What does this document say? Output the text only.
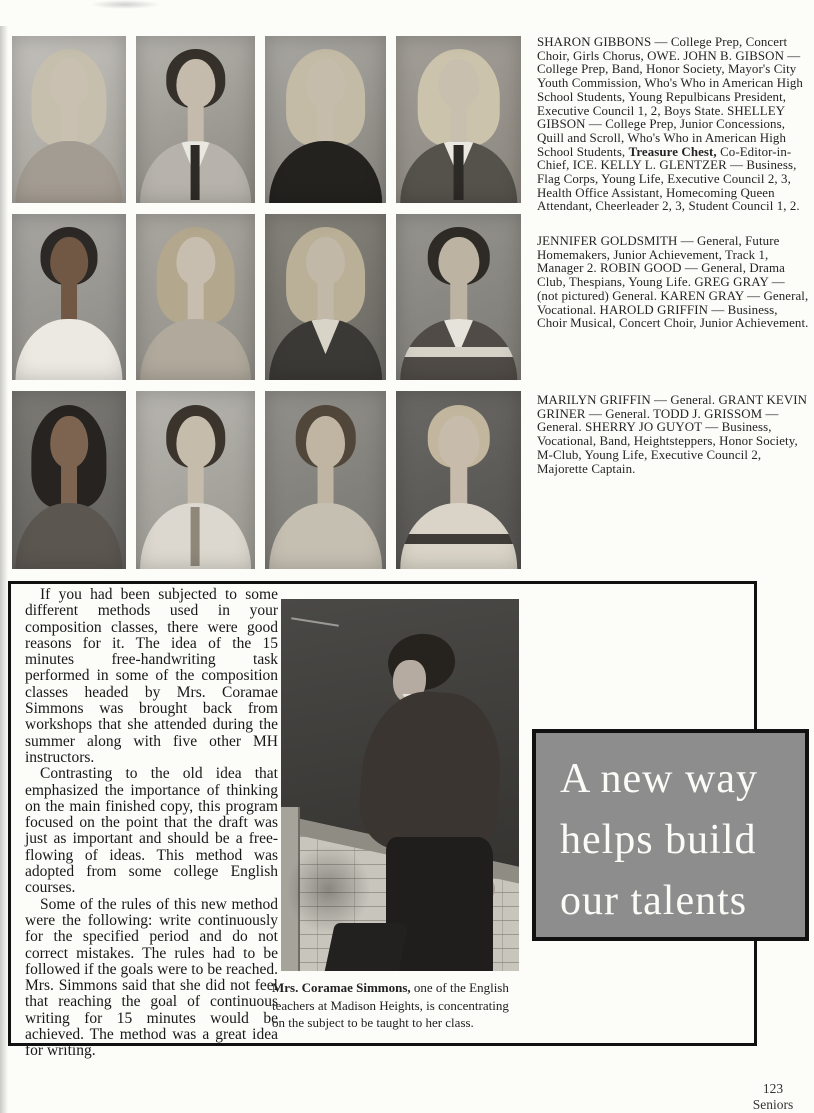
SHARON GIBBONS — College Prep, Concert Choir, Girls Chorus, OWE. JOHN B. GIBSON — College Prep, Band, Honor Society, Mayor's City Youth Commission, Who's Who in American High School Students, Young Repulbicans President, Executive Council 1, 2, Boys State. SHELLEY GIBSON — College Prep, Junior Concessions, Quill and Scroll, Who's Who in American High School Students, Treasure Chest, Co-Editor-in-Chief, ICE. KELLY L. GLENTZER — Business, Flag Corps, Young Life, Executive Council 2, 3, Health Office Assistant, Homecoming Queen Attendant, Cheerleader 2, 3, Student Council 1, 2.

JENNIFER GOLDSMITH — General, Future Homemakers, Junior Achievement, Track 1, Manager 2. ROBIN GOOD — General, Drama Club, Thespians, Young Life. GREG GRAY — (not pictured) General. KAREN GRAY — General, Vocational. HAROLD GRIFFIN — Business, Choir Musical, Concert Choir, Junior Achievement.

MARILYN GRIFFIN — General. GRANT KEVIN GRINER — General. TODD J. GRISSOM — General. SHERRY JO GUYOT — Business, Vocational, Band, Heightsteppers, Honor Society, M-Club, Young Life, Executive Council 2, Majorette Captain.

If you had been subjected to some different methods used in your composition classes, there were good reasons for it. The idea of the 15 minutes free-handwriting task performed in some of the composition classes headed by Mrs. Coramae Simmons was brought back from workshops that she attended during the summer along with five other MH instructors.

Contrasting to the old idea that emphasized the importance of thinking on the main finished copy, this program focused on the point that the draft was just as important and should be a free-flowing of ideas. This method was adopted from some college English courses.

Some of the rules of this new method were the following: write continuously for the specified period and do not correct mistakes. The rules had to be followed if the goals were to be reached. Mrs. Simmons said that she did not feel that reaching the goal of continuous writing for 15 minutes would be achieved. The method was a great idea for writing.

Mrs. Coramae Simmons, one of the English teachers at Madison Heights, is concentrating on the subject to be taught to her class.

A new way
helps build
our talents
123
Seniors
